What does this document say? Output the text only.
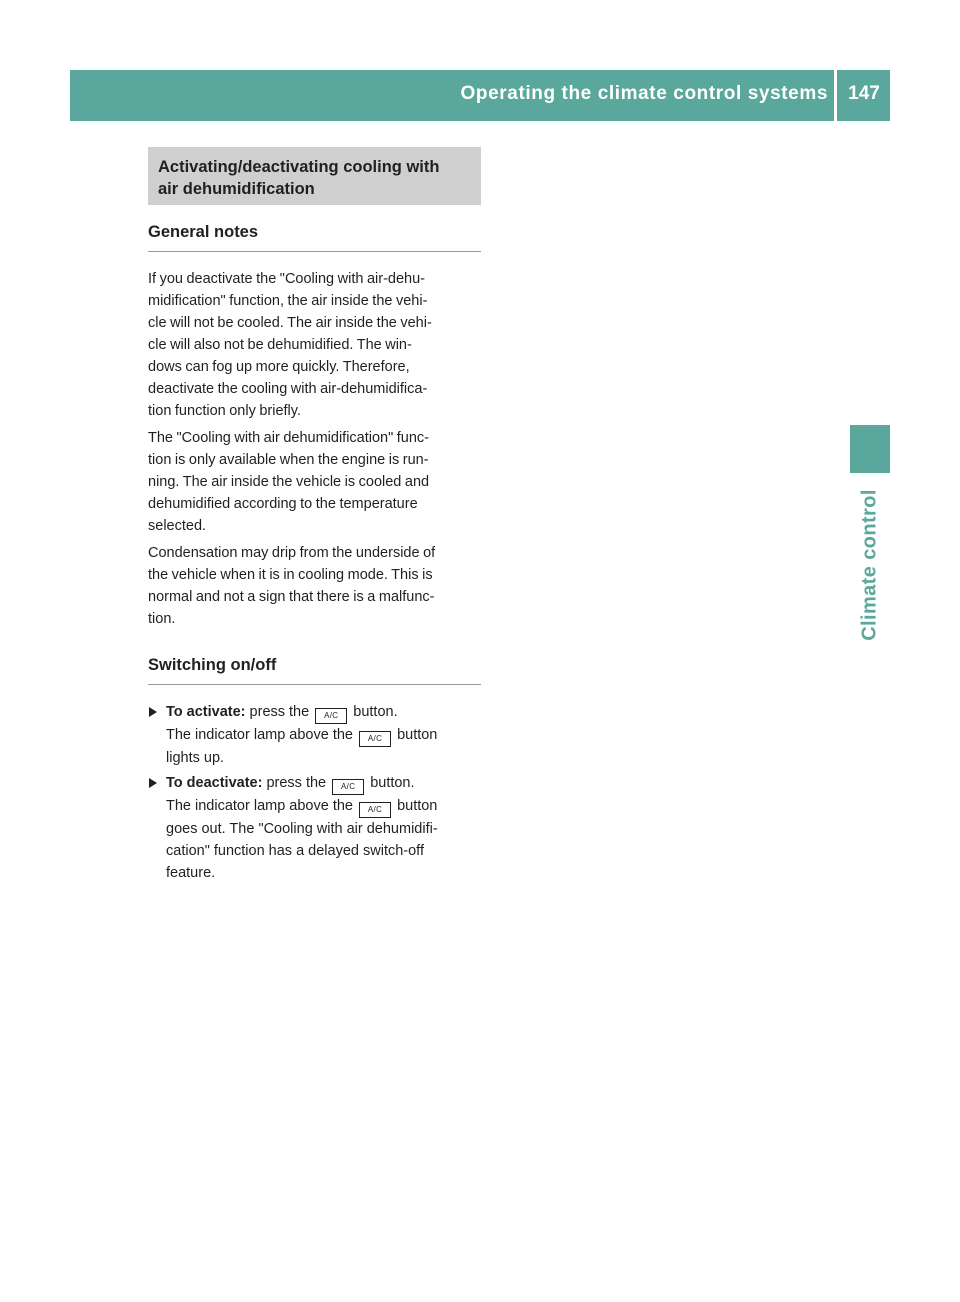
Operating the climate control systems	147
Climate control
Activating/deactivating cooling with
air dehumidification
General notes
If you deactivate the "Cooling with air-dehu-
midification" function, the air inside the vehi-
cle will not be cooled. The air inside the vehi-
cle will also not be dehumidified. The win-
dows can fog up more quickly. Therefore,
deactivate the cooling with air-dehumidifica-
tion function only briefly.
The "Cooling with air dehumidification" func-
tion is only available when the engine is run-
ning. The air inside the vehicle is cooled and
dehumidified according to the temperature
selected.
Condensation may drip from the underside of
the vehicle when it is in cooling mode. This is
normal and not a sign that there is a malfunc-
tion.
Switching on/off
To activate: press the A/C button.
The indicator lamp above the A/C button
lights up.
To deactivate: press the A/C button.
The indicator lamp above the A/C button
goes out. The "Cooling with air dehumidifi-
cation" function has a delayed switch-off
feature.
